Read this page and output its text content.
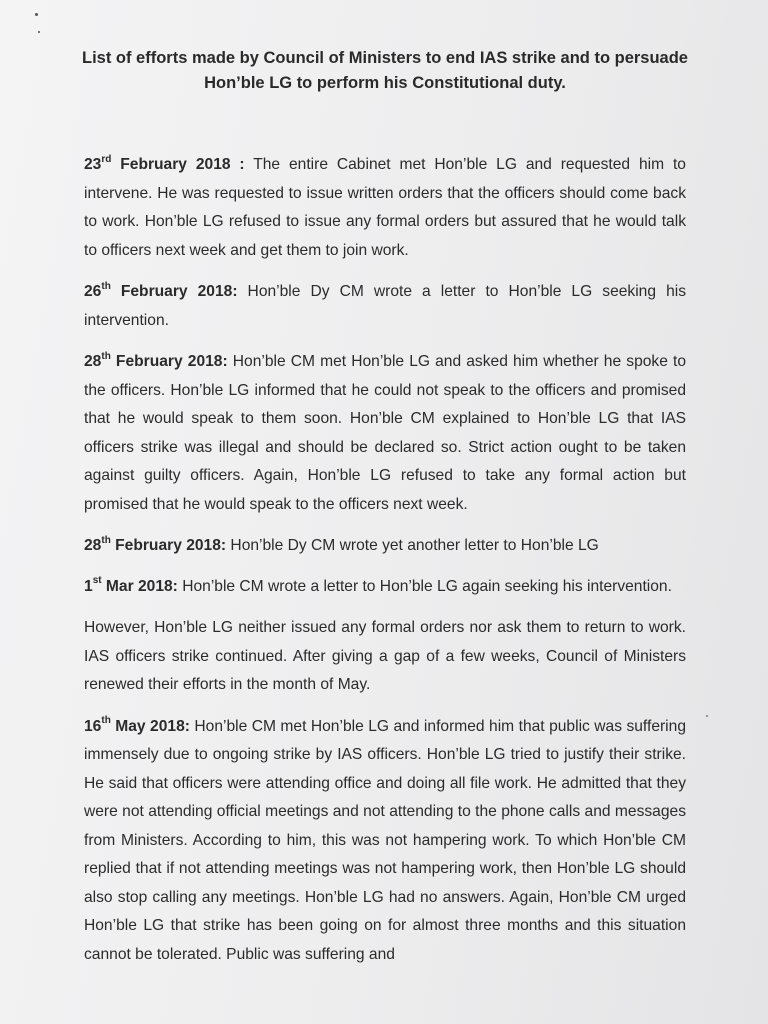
List of efforts made by Council of Ministers to end IAS strike and to persuade
Hon’ble LG to perform his Constitutional duty.
23rd February 2018 : The entire Cabinet met Hon’ble LG and requested him to intervene. He was requested to issue written orders that the officers should come back to work. Hon’ble LG refused to issue any formal orders but assured that he would talk to officers next week and get them to join work.
26th February 2018: Hon’ble Dy CM wrote a letter to Hon’ble LG seeking his intervention.
28th February 2018: Hon’ble CM met Hon’ble LG and asked him whether he spoke to the officers. Hon’ble LG informed that he could not speak to the officers and promised that he would speak to them soon. Hon’ble CM explained to Hon’ble LG that IAS officers strike was illegal and should be declared so. Strict action ought to be taken against guilty officers. Again, Hon’ble LG refused to take any formal action but promised that he would speak to the officers next week.
28th February 2018: Hon’ble Dy CM wrote yet another letter to Hon’ble LG
1st Mar 2018: Hon’ble CM wrote a letter to Hon’ble LG again seeking his intervention.
However, Hon’ble LG neither issued any formal orders nor ask them to return to work. IAS officers strike continued. After giving a gap of a few weeks, Council of Ministers renewed their efforts in the month of May.
16th May 2018: Hon’ble CM met Hon’ble LG and informed him that public was suffering immensely due to ongoing strike by IAS officers. Hon’ble LG tried to justify their strike. He said that officers were attending office and doing all file work. He admitted that they were not attending official meetings and not attending to the phone calls and messages from Ministers. According to him, this was not hampering work. To which Hon’ble CM replied that if not attending meetings was not hampering work, then Hon’ble LG should also stop calling any meetings. Hon’ble LG had no answers. Again, Hon’ble CM urged Hon’ble LG that strike has been going on for almost three months and this situation cannot be tolerated. Public was suffering and
